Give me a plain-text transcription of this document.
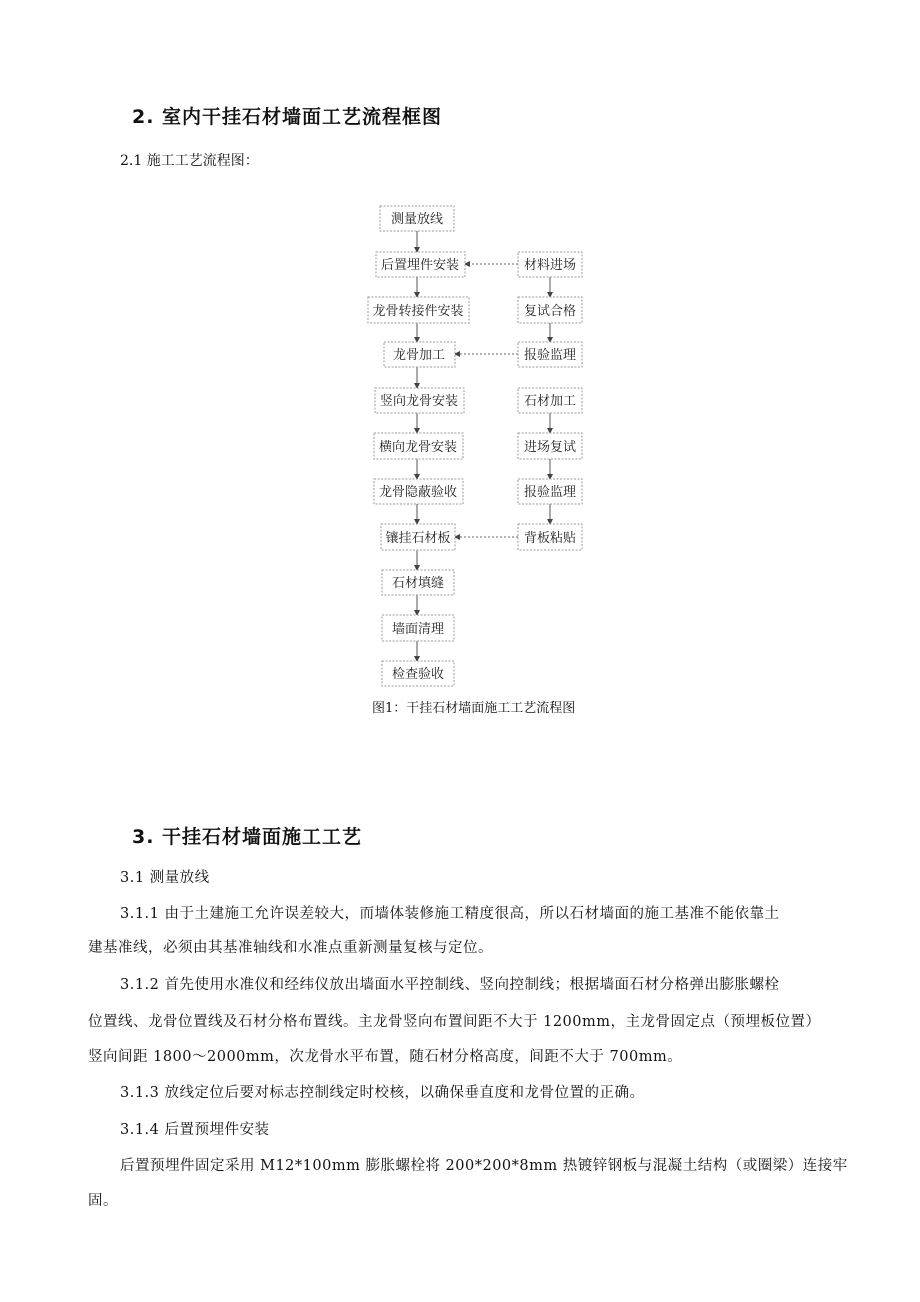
2. 室内干挂石材墙面工艺流程框图
2.1 施工工艺流程图：
测量放线
后置埋件安装
龙骨转接件安装
龙骨加工
竖向龙骨安装
横向龙骨安装
龙骨隐蔽验收
镶挂石材板
石材填缝
墙面清理
检查验收
材料进场
复试合格
报验监理
石材加工
进场复试
报验监理
背板粘贴
图1：干挂石材墙面施工工艺流程图
3. 干挂石材墙面施工工艺
3.1 测量放线
3.1.1 由于土建施工允许误差较大，而墙体装修施工精度很高，所以石材墙面的施工基准不能依靠土
建基准线，必须由其基准轴线和水准点重新测量复核与定位。
3.1.2 首先使用水准仪和经纬仪放出墙面水平控制线、竖向控制线；根据墙面石材分格弹出膨胀螺栓
位置线、龙骨位置线及石材分格布置线。主龙骨竖向布置间距不大于 1200mm，主龙骨固定点（预埋板位置）
竖向间距 1800～2000mm，次龙骨水平布置，随石材分格高度，间距不大于 700mm。
3.1.3 放线定位后要对标志控制线定时校核，以确保垂直度和龙骨位置的正确。
3.1.4 后置预埋件安装
后置预埋件固定采用 M12*100mm 膨胀螺栓将 200*200*8mm 热镀锌钢板与混凝土结构（或圈梁）连接牢
固。
